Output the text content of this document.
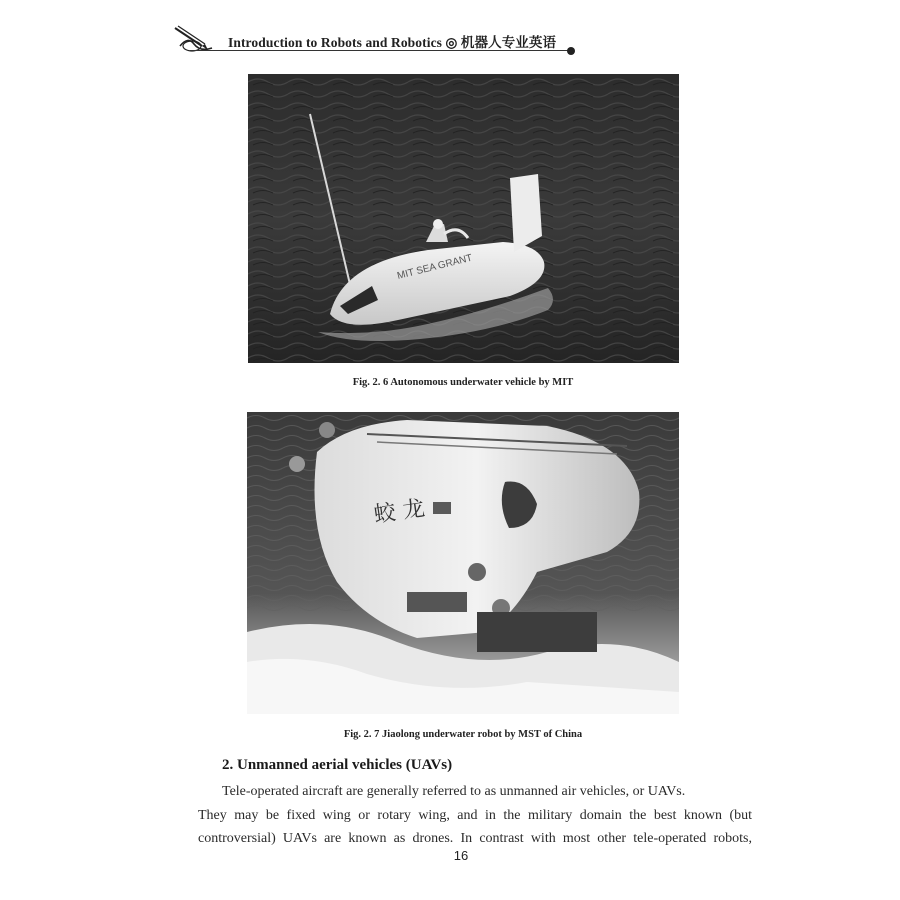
Introduction to Robots and Robotics ◎ 机器人专业英语
MIT SEA GRANT
Fig. 2. 6 Autonomous underwater vehicle by MIT
蛟 龙
Fig. 2. 7 Jiaolong underwater robot by MST of China
2. Unmanned aerial vehicles (UAVs)
Tele-operated aircraft are generally referred to as unmanned air vehicles, or UAVs.
They may be fixed wing or rotary wing, and in the military domain the best known (but
controversial) UAVs are known as drones. In contrast with most other tele-operated robots,
16
